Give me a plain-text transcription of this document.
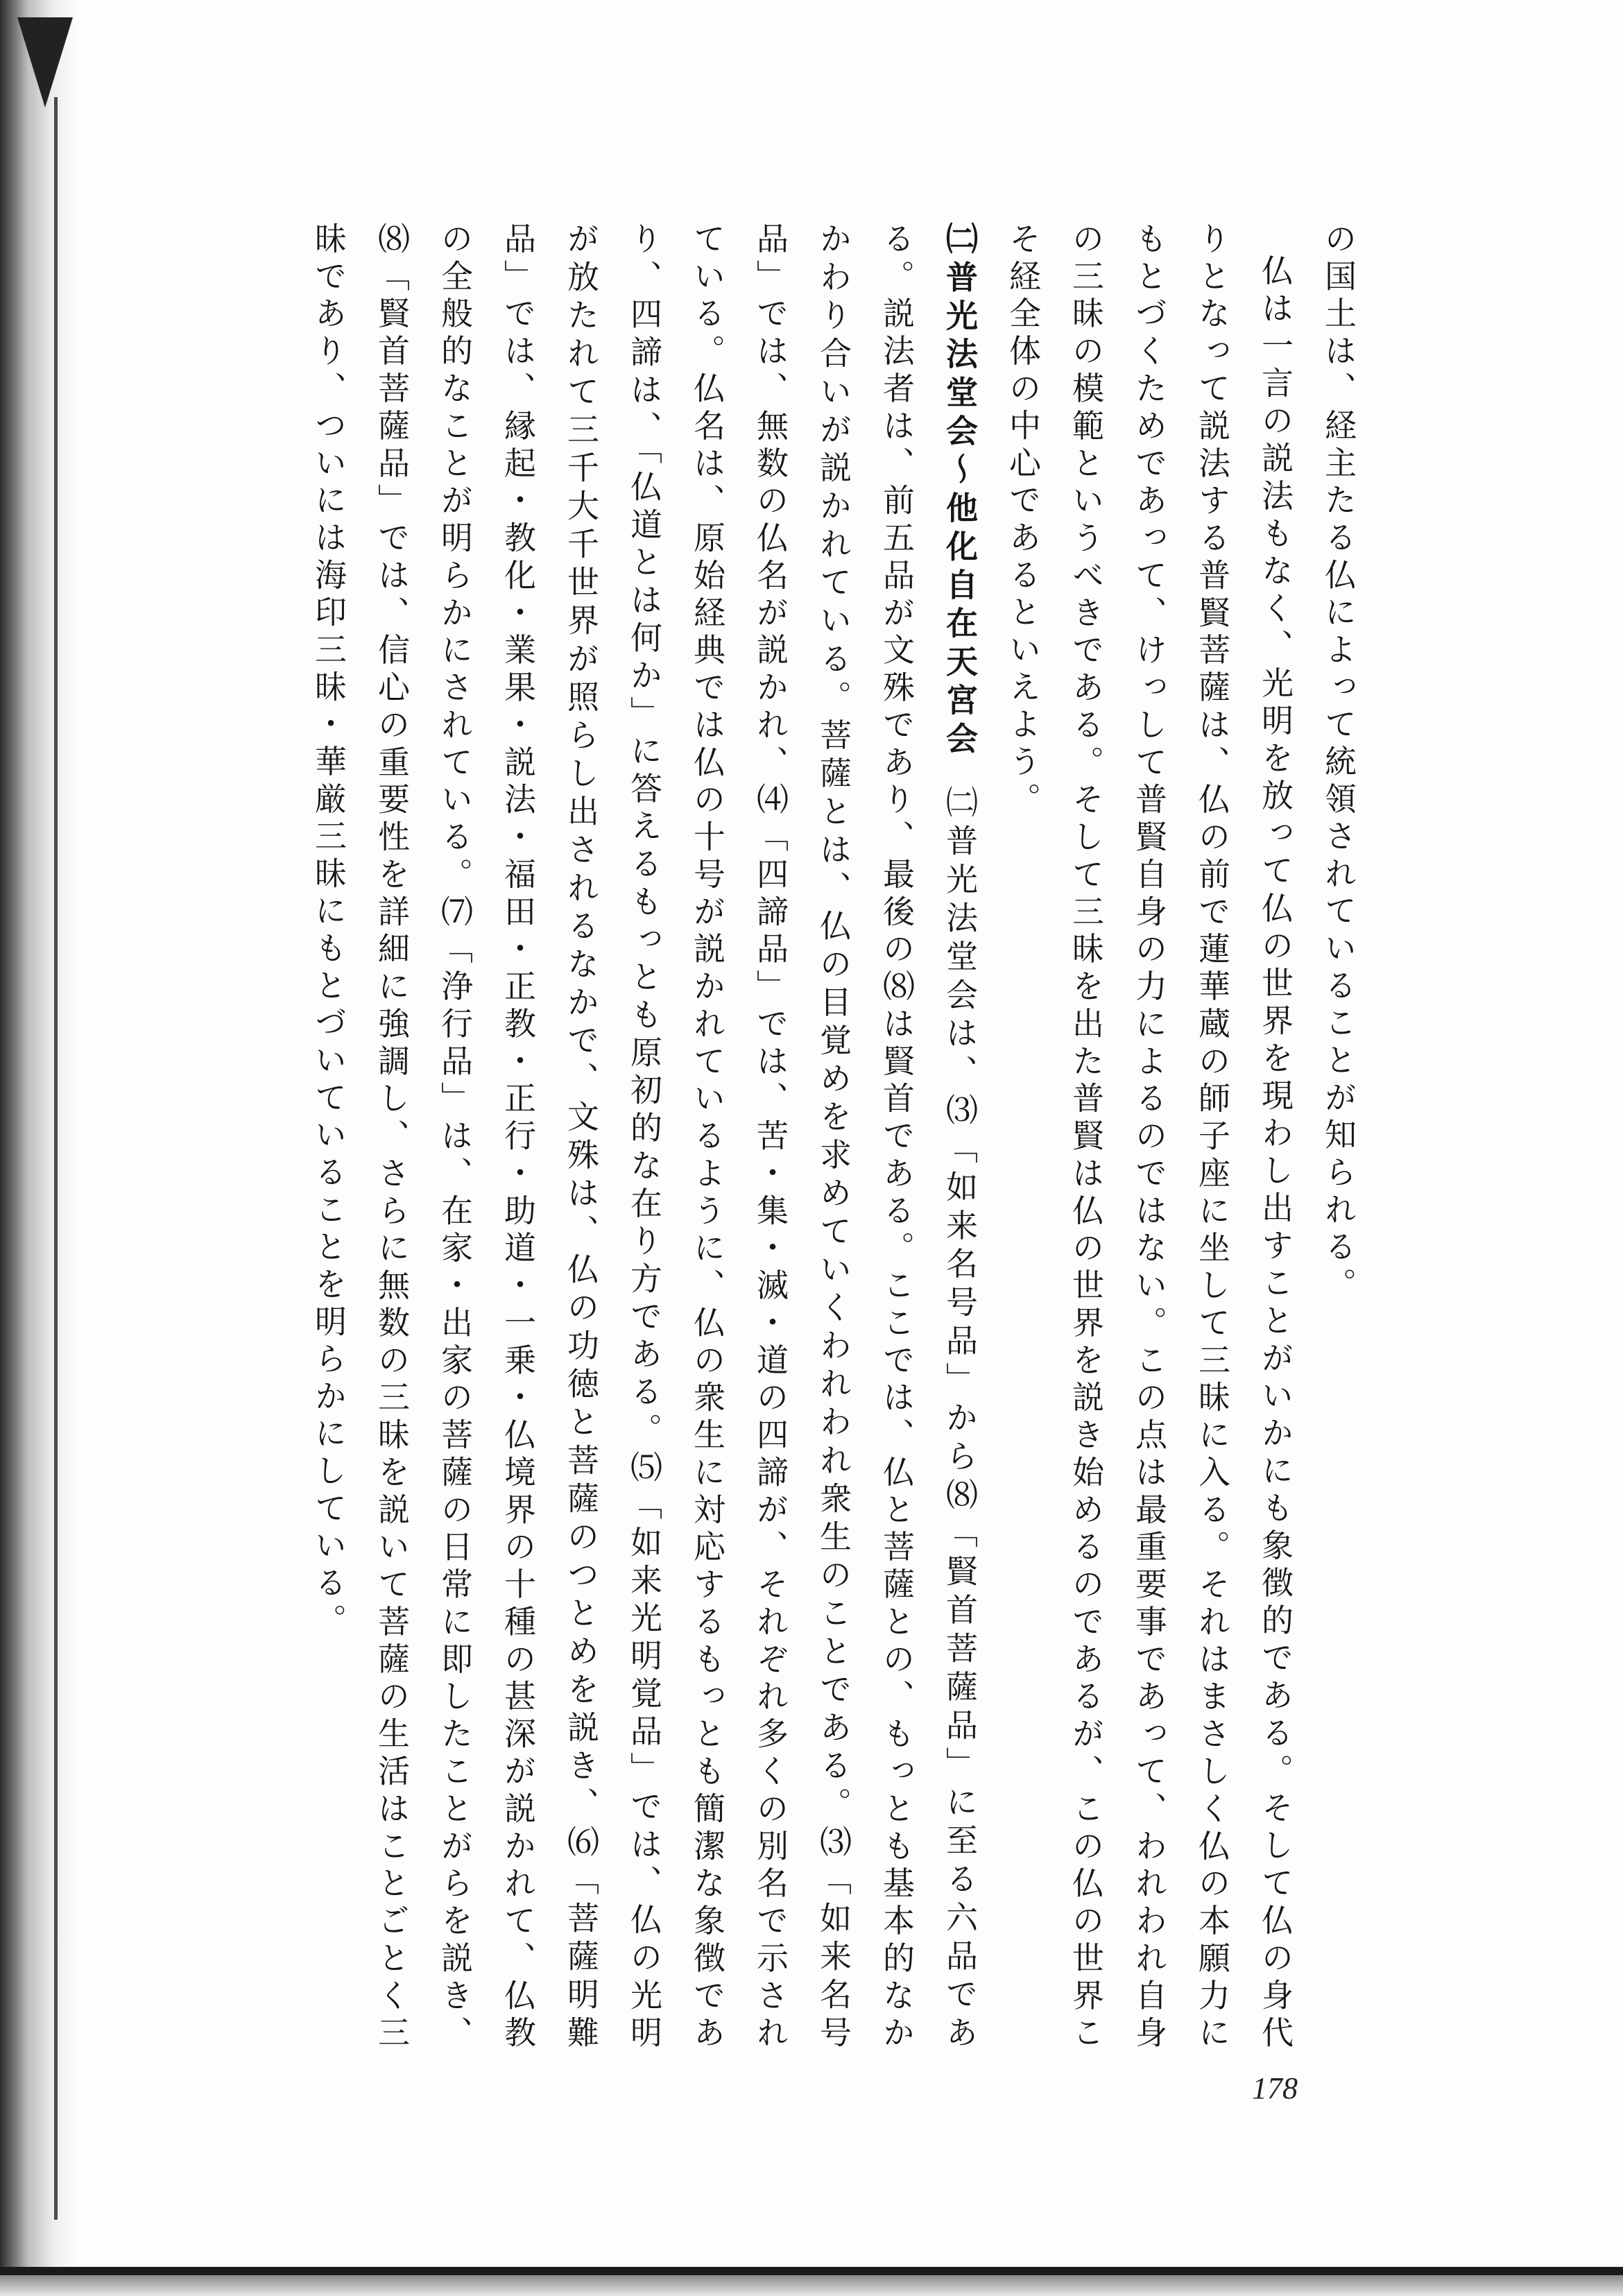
の国土は、経主たる仏によって統領されていることが知られる。

仏は一言の説法もなく、光明を放って仏の世界を現わし出すことがいかにも象徴的である。そして仏の身代りとなって説法する普賢菩薩は、仏の前で蓮華蔵の師子座に坐して三昧に入る。それはまさしく仏の本願力にもとづくためであって、けっして普賢自身の力によるのではない。この点は最重要事であって、われわれ自身の三昧の模範というべきである。そして三昧を出た普賢は仏の世界を説き始めるのであるが、この仏の世界こそ経全体の中心であるといえよう。

㈡普光法堂会〜他化自在天宮会㈡普光法堂会は、⑶「如来名号品」から⑻「賢首菩薩品」に至る六品である。説法者は、前五品が文殊であり、最後の⑻は賢首である。ここでは、仏と菩薩との、もっとも基本的なかかわり合いが説かれている。菩薩とは、仏の目覚めを求めていくわれわれ衆生のことである。⑶「如来名号品」では、無数の仏名が説かれ、⑷「四諦品」では、苦・集・滅・道の四諦が、それぞれ多くの別名で示されている。仏名は、原始経典では仏の十号が説かれているように、仏の衆生に対応するもっとも簡潔な象徴であり、四諦は、「仏道とは何か」に答えるもっとも原初的な在り方である。⑸「如来光明覚品」では、仏の光明が放たれて三千大千世界が照らし出されるなかで、文殊は、仏の功徳と菩薩のつとめを説き、⑹「菩薩明難品」では、縁起・教化・業果・説法・福田・正教・正行・助道・一乗・仏境界の十種の甚深が説かれて、仏教の全般的なことが明らかにされている。⑺「浄行品」は、在家・出家の菩薩の日常に即したことがらを説き、⑻「賢首菩薩品」では、信心の重要性を詳細に強調し、さらに無数の三昧を説いて菩薩の生活はことごとく三昧であり、ついには海印三昧・華厳三昧にもとづいていることを明らかにしている。

178
